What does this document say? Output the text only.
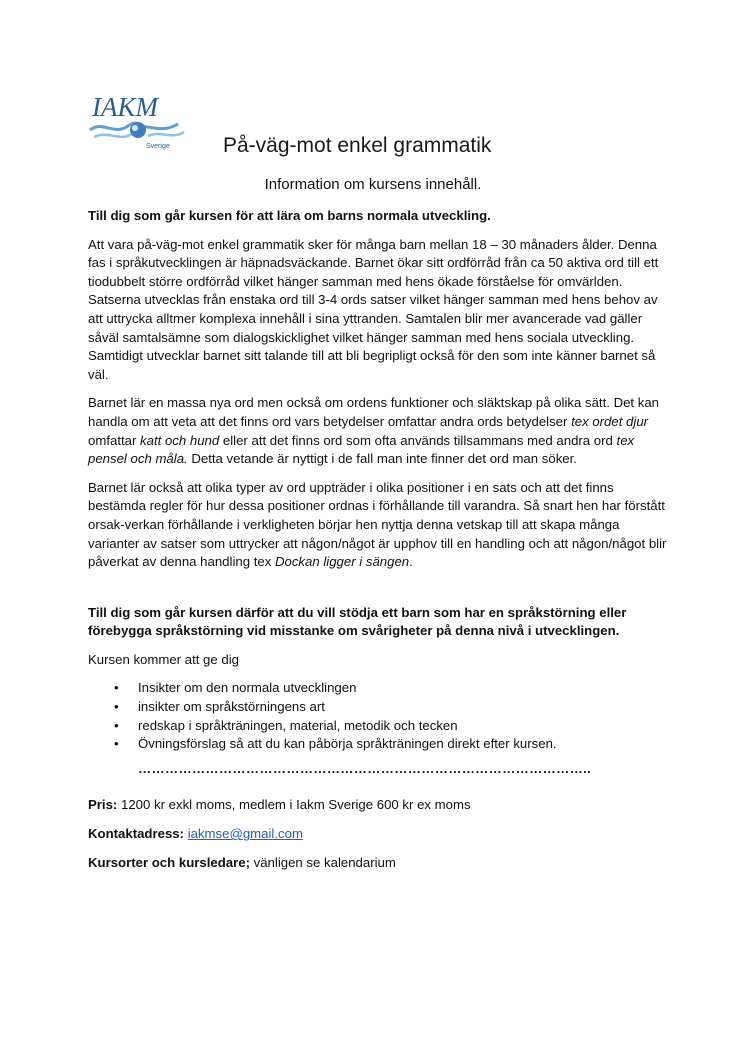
IAKM
Sverige	På-väg-mot enkel grammatik
Information om kursens innehåll.

Till dig som går kursen för att lära om barns normala utveckling.

Att vara på-väg-mot enkel grammatik sker för många barn mellan 18 – 30 månaders ålder. Denna fas i språkutvecklingen är häpnadsväckande. Barnet ökar sitt ordförråd från ca 50 aktiva ord till ett tiodubbelt större ordförråd vilket hänger samman med hens ökade förståelse för omvärlden. Satserna utvecklas från enstaka ord till 3-4 ords satser vilket hänger samman med hens behov av att uttrycka alltmer komplexa innehåll i sina yttranden. Samtalen blir mer avancerade vad gäller såväl samtalsämne som dialogskicklighet vilket hänger samman med hens sociala utveckling. Samtidigt utvecklar barnet sitt talande till att bli begripligt också för den som inte känner barnet så väl.

Barnet lär en massa nya ord men också om ordens funktioner och släktskap på olika sätt. Det kan handla om att veta att det finns ord vars betydelser omfattar andra ords betydelser tex ordet djur omfattar katt och hund eller att det finns ord som ofta används tillsammans med andra ord tex pensel och måla. Detta vetande är nyttigt i de fall man inte finner det ord man söker.

Barnet lär också att olika typer av ord uppträder i olika positioner i en sats och att det finns bestämda regler för hur dessa positioner ordnas i förhållande till varandra. Så snart hen har förstått orsak-verkan förhållande i verkligheten börjar hen nyttja denna vetskap till att skapa många varianter av satser som uttrycker att någon/något är upphov till en handling och att någon/något blir påverkat av denna handling tex Dockan ligger i sängen.

Till dig som går kursen därför att du vill stödja ett barn som har en språkstörning eller förebygga språkstörning vid misstanke om svårigheter på denna nivå i utvecklingen.

Kursen kommer att ge dig

• Insikter om den normala utvecklingen
• insikter om språkstörningens art
• redskap i språkträningen, material, metodik och tecken
• Övningsförslag så att du kan påbörja språkträningen direkt efter kursen.
………………………………………………………………………………………..

Pris: 1200 kr exkl moms, medlem i Iakm Sverige 600 kr ex moms

Kontaktadress: iakmse@gmail.com

Kursorter och kursledare; vänligen se kalendarium
